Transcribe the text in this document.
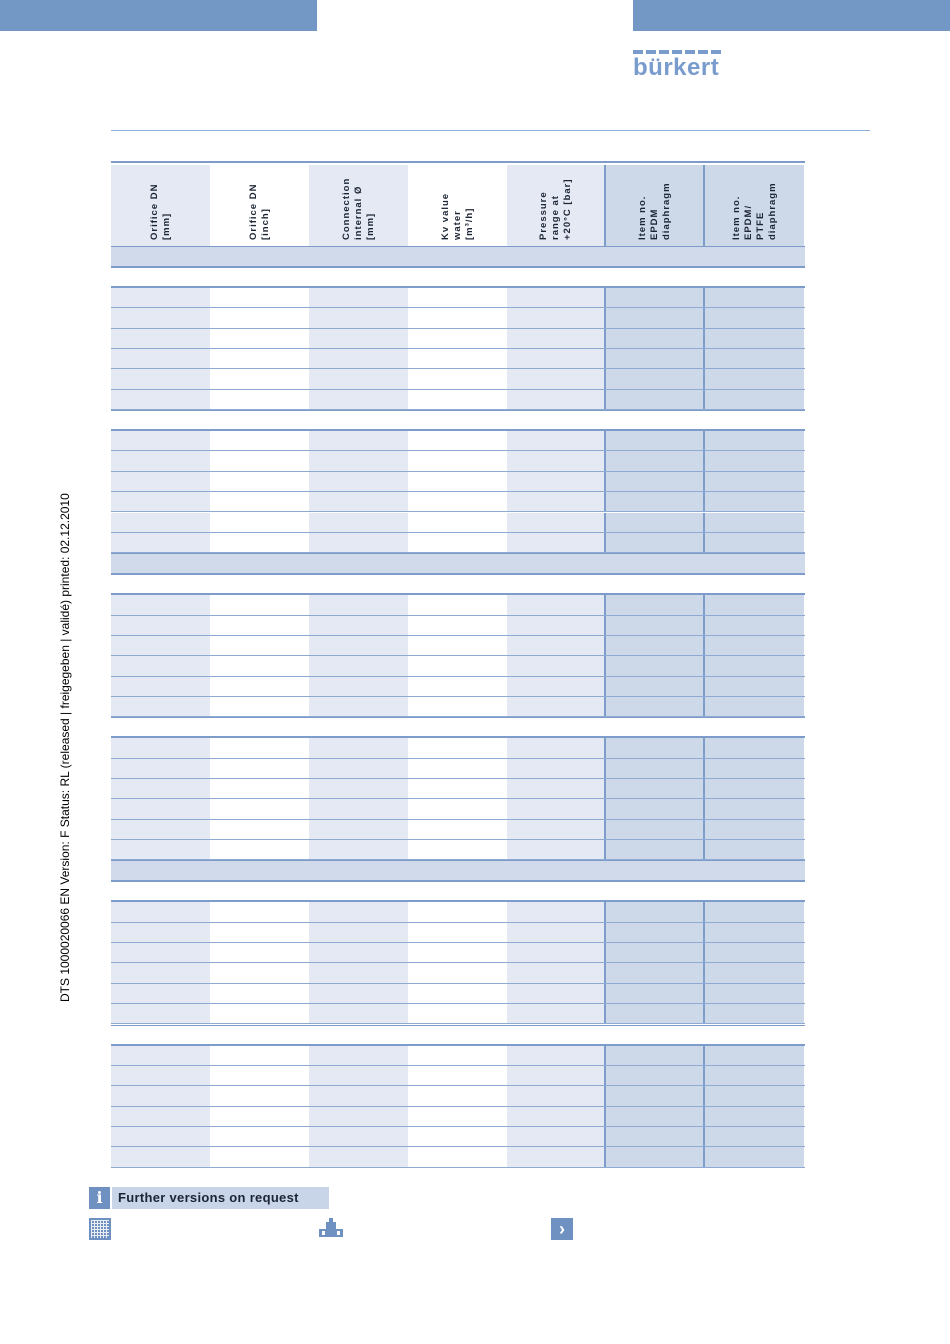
bürkert
DTS 1000020066 EN Version: F Status: RL (released | freigegeben | validé) printed: 02.12.2010
Orifice DN
[mm]	Orifice DN
[inch]	Connection
internal Ø
[mm]	Kv value
water
[m³/h]	Pressure
range at
+20°C [bar]
Item no.
EPDM
diaphragm	Item no.
EPDM/
PTFE
diaphragm
i	Further versions on request
›
